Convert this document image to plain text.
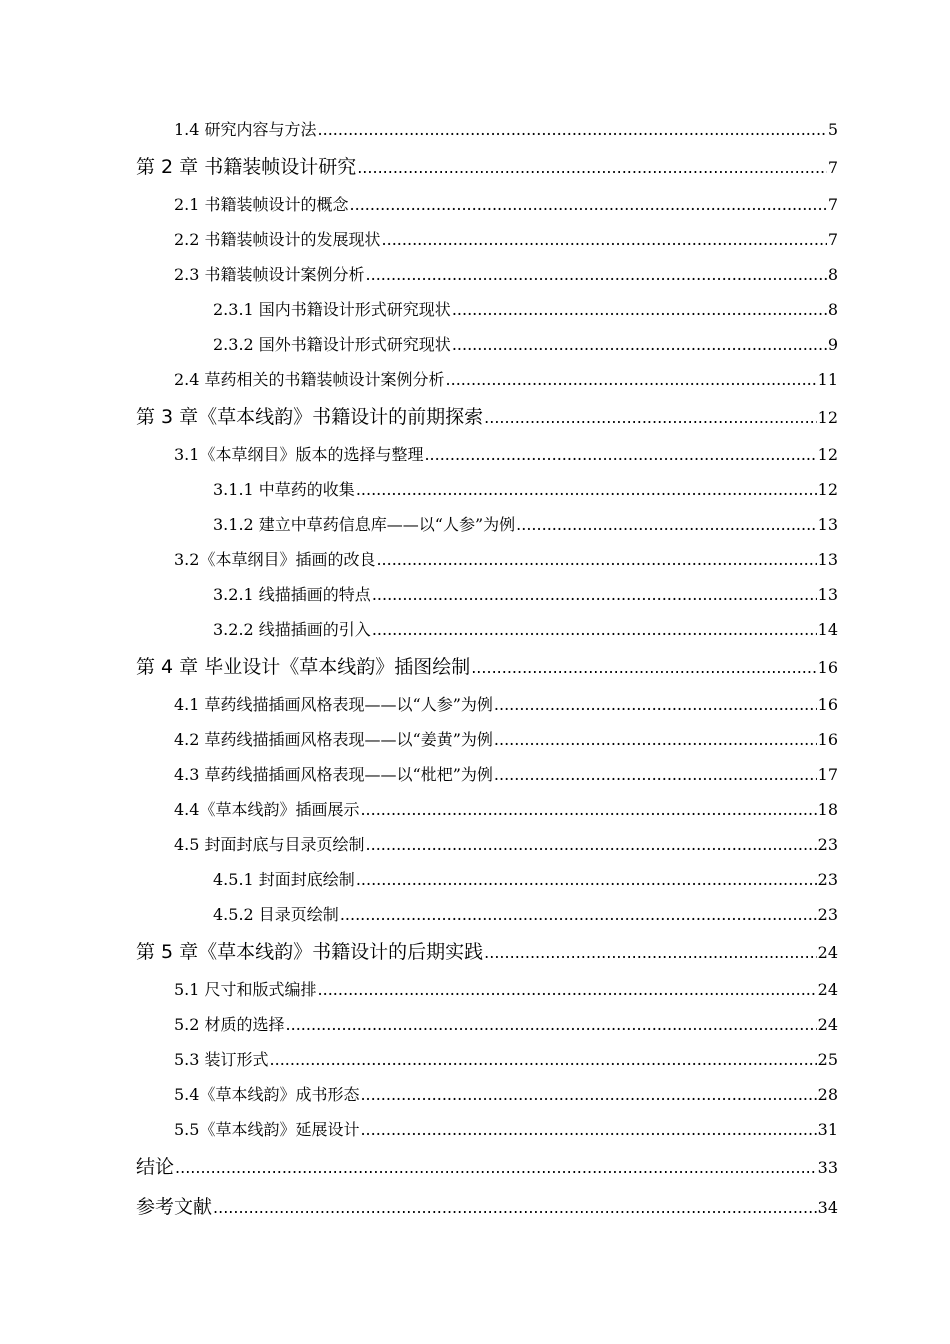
1.4 研究内容与方法 .....	5
第 2 章 书籍装帧设计研究 .....	7
2.1 书籍装帧设计的概念 .....	7
2.2 书籍装帧设计的发展现状 .....	7
2.3 书籍装帧设计案例分析 .....	8
2.3.1 国内书籍设计形式研究现状 .....	8
2.3.2 国外书籍设计形式研究现状 .....	9
2.4 草药相关的书籍装帧设计案例分析 .....	11
第 3 章《草本线韵》书籍设计的前期探索 .....	12
3.1《本草纲目》版本的选择与整理 .....	12
3.1.1 中草药的收集 .....	12
3.1.2 建立中草药信息库——以“人参”为例 .....	13
3.2《本草纲目》插画的改良 .....	13
3.2.1 线描插画的特点 .....	13
3.2.2 线描插画的引入 .....	14
第 4 章 毕业设计《草本线韵》插图绘制 .....	16
4.1 草药线描插画风格表现——以“人参”为例 .....	16
4.2 草药线描插画风格表现——以“姜黄”为例 .....	16
4.3 草药线描插画风格表现——以“枇杷”为例 .....	17
4.4《草本线韵》插画展示 .....	18
4.5 封面封底与目录页绘制 .....	23
4.5.1 封面封底绘制 .....	23
4.5.2 目录页绘制 .....	23
第 5 章《草本线韵》书籍设计的后期实践 .....	24
5.1 尺寸和版式编排 .....	24
5.2 材质的选择 .....	24
5.3 装订形式 .....	25
5.4《草本线韵》成书形态 .....	28
5.5《草本线韵》延展设计 .....	31
结论 .....	33
参考文献 .....	34
